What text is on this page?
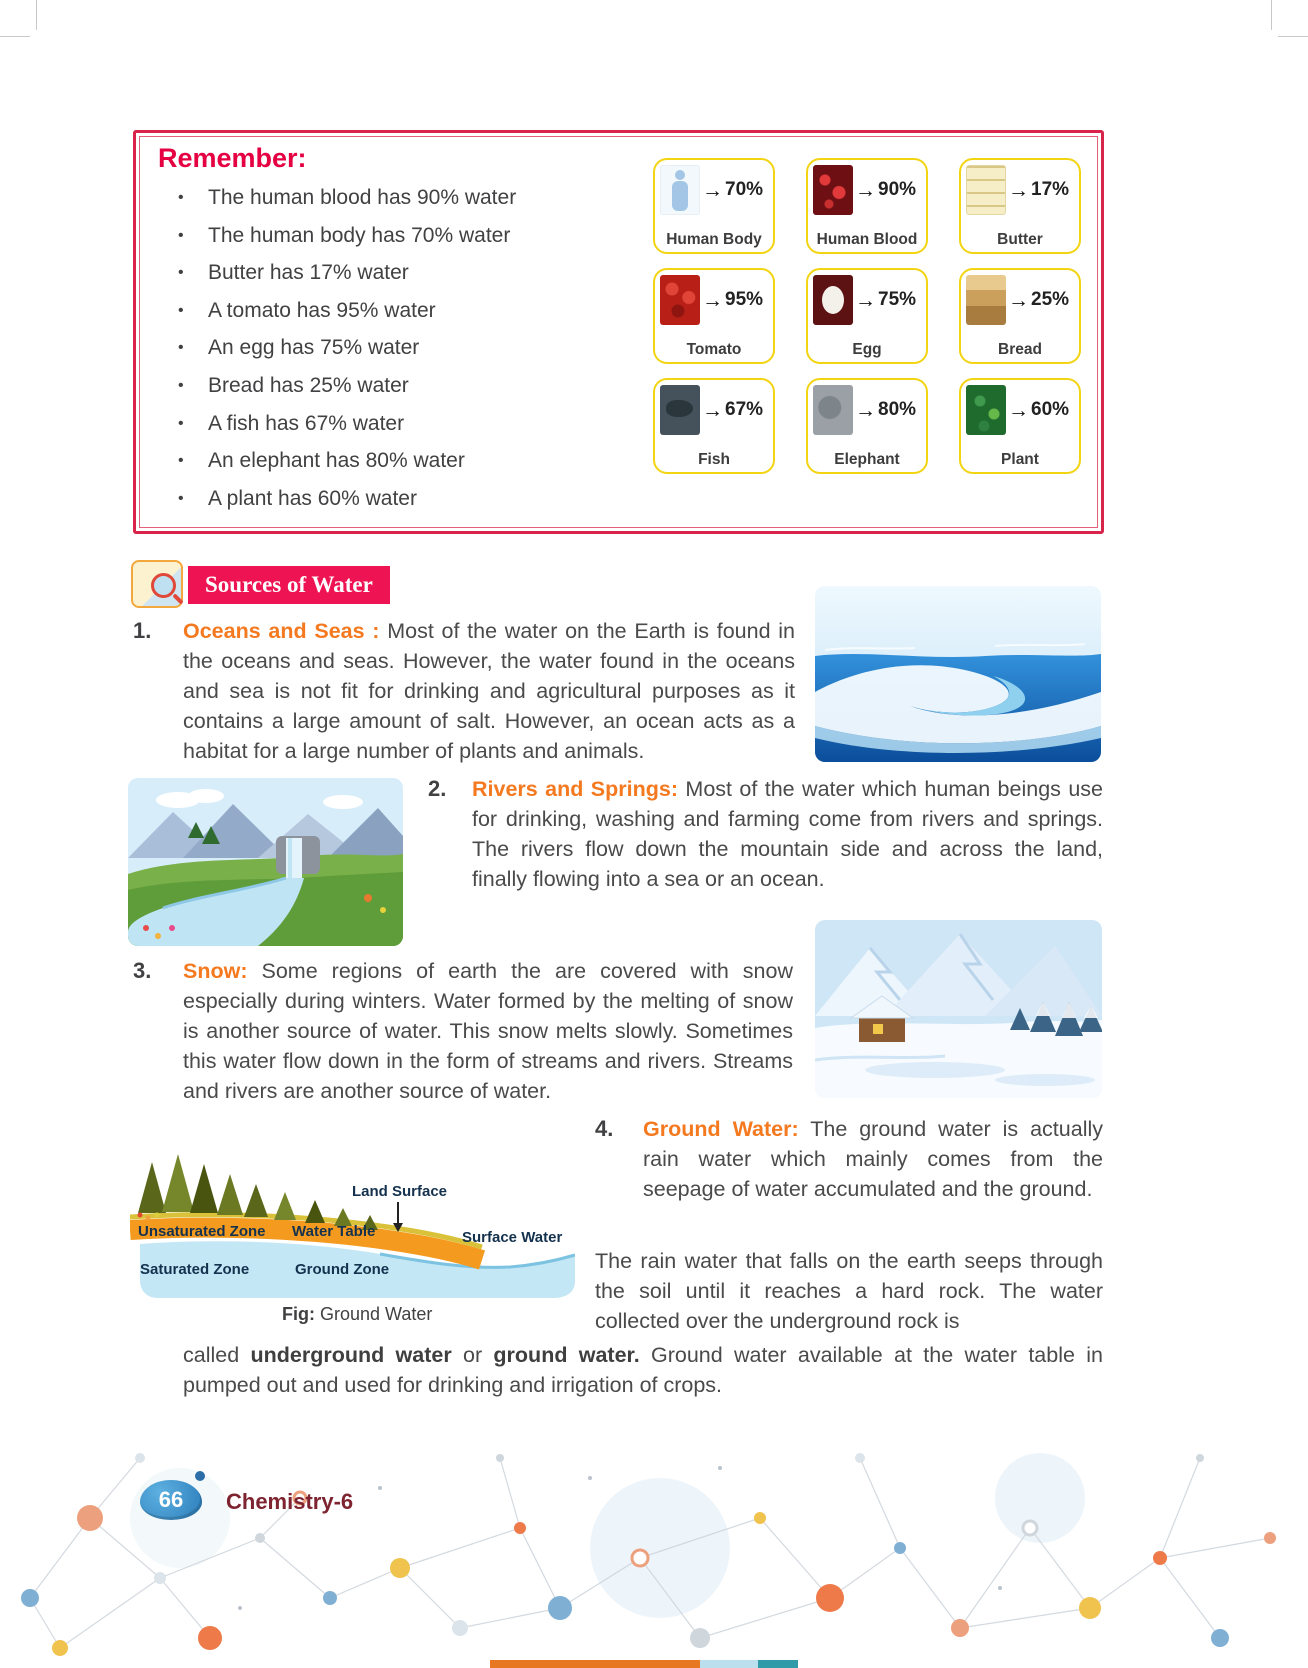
Remember:
• The human blood has 90% water
• The human body has 70% water
• Butter has 17% water
• A tomato has 95% water
• An egg has 75% water
• Bread has 25% water
• A fish has 67% water
• An elephant has 80% water
• A plant has 60% water
→ 70%
Human Body
→ 90%
Human Blood
→ 17%
Butter
→ 95%
Tomato
→ 75%
Egg
→ 25%
Bread
→ 67%
Fish
→ 80%
Elephant
→ 60%
Plant
Sources of Water
1. Oceans and Seas : Most of the water on the Earth is found in the oceans and seas. However, the water found in the oceans and sea is not fit for drinking and agricultural purposes as it contains a large amount of salt. However, an ocean acts as a habitat for a large number of plants and animals.
2. Rivers and Springs: Most of the water which human beings use for drinking, washing and farming come from rivers and springs. The rivers flow down the mountain side and across the land, finally flowing into a sea or an ocean.
3. Snow: Some regions of earth the are covered with snow especially during winters. Water formed by the melting of snow is another source of water. This snow melts slowly. Sometimes this water flow down in the form of streams and rivers. Streams and rivers are another source of water.
Land Surface
Unsaturated Zone Water Table	Surface Water
Saturated Zone	Ground Zone
Fig: Ground Water
4. Ground Water: The ground water is actually rain water which mainly comes from the seepage of water accumulated and the ground.
The rain water that falls on the earth seeps through the soil until it reaches a hard rock. The water collected over the underground rock is
called underground water or ground water. Ground water available at the water table in pumped out and used for drinking and irrigation of crops.
66 Chemistry-6
